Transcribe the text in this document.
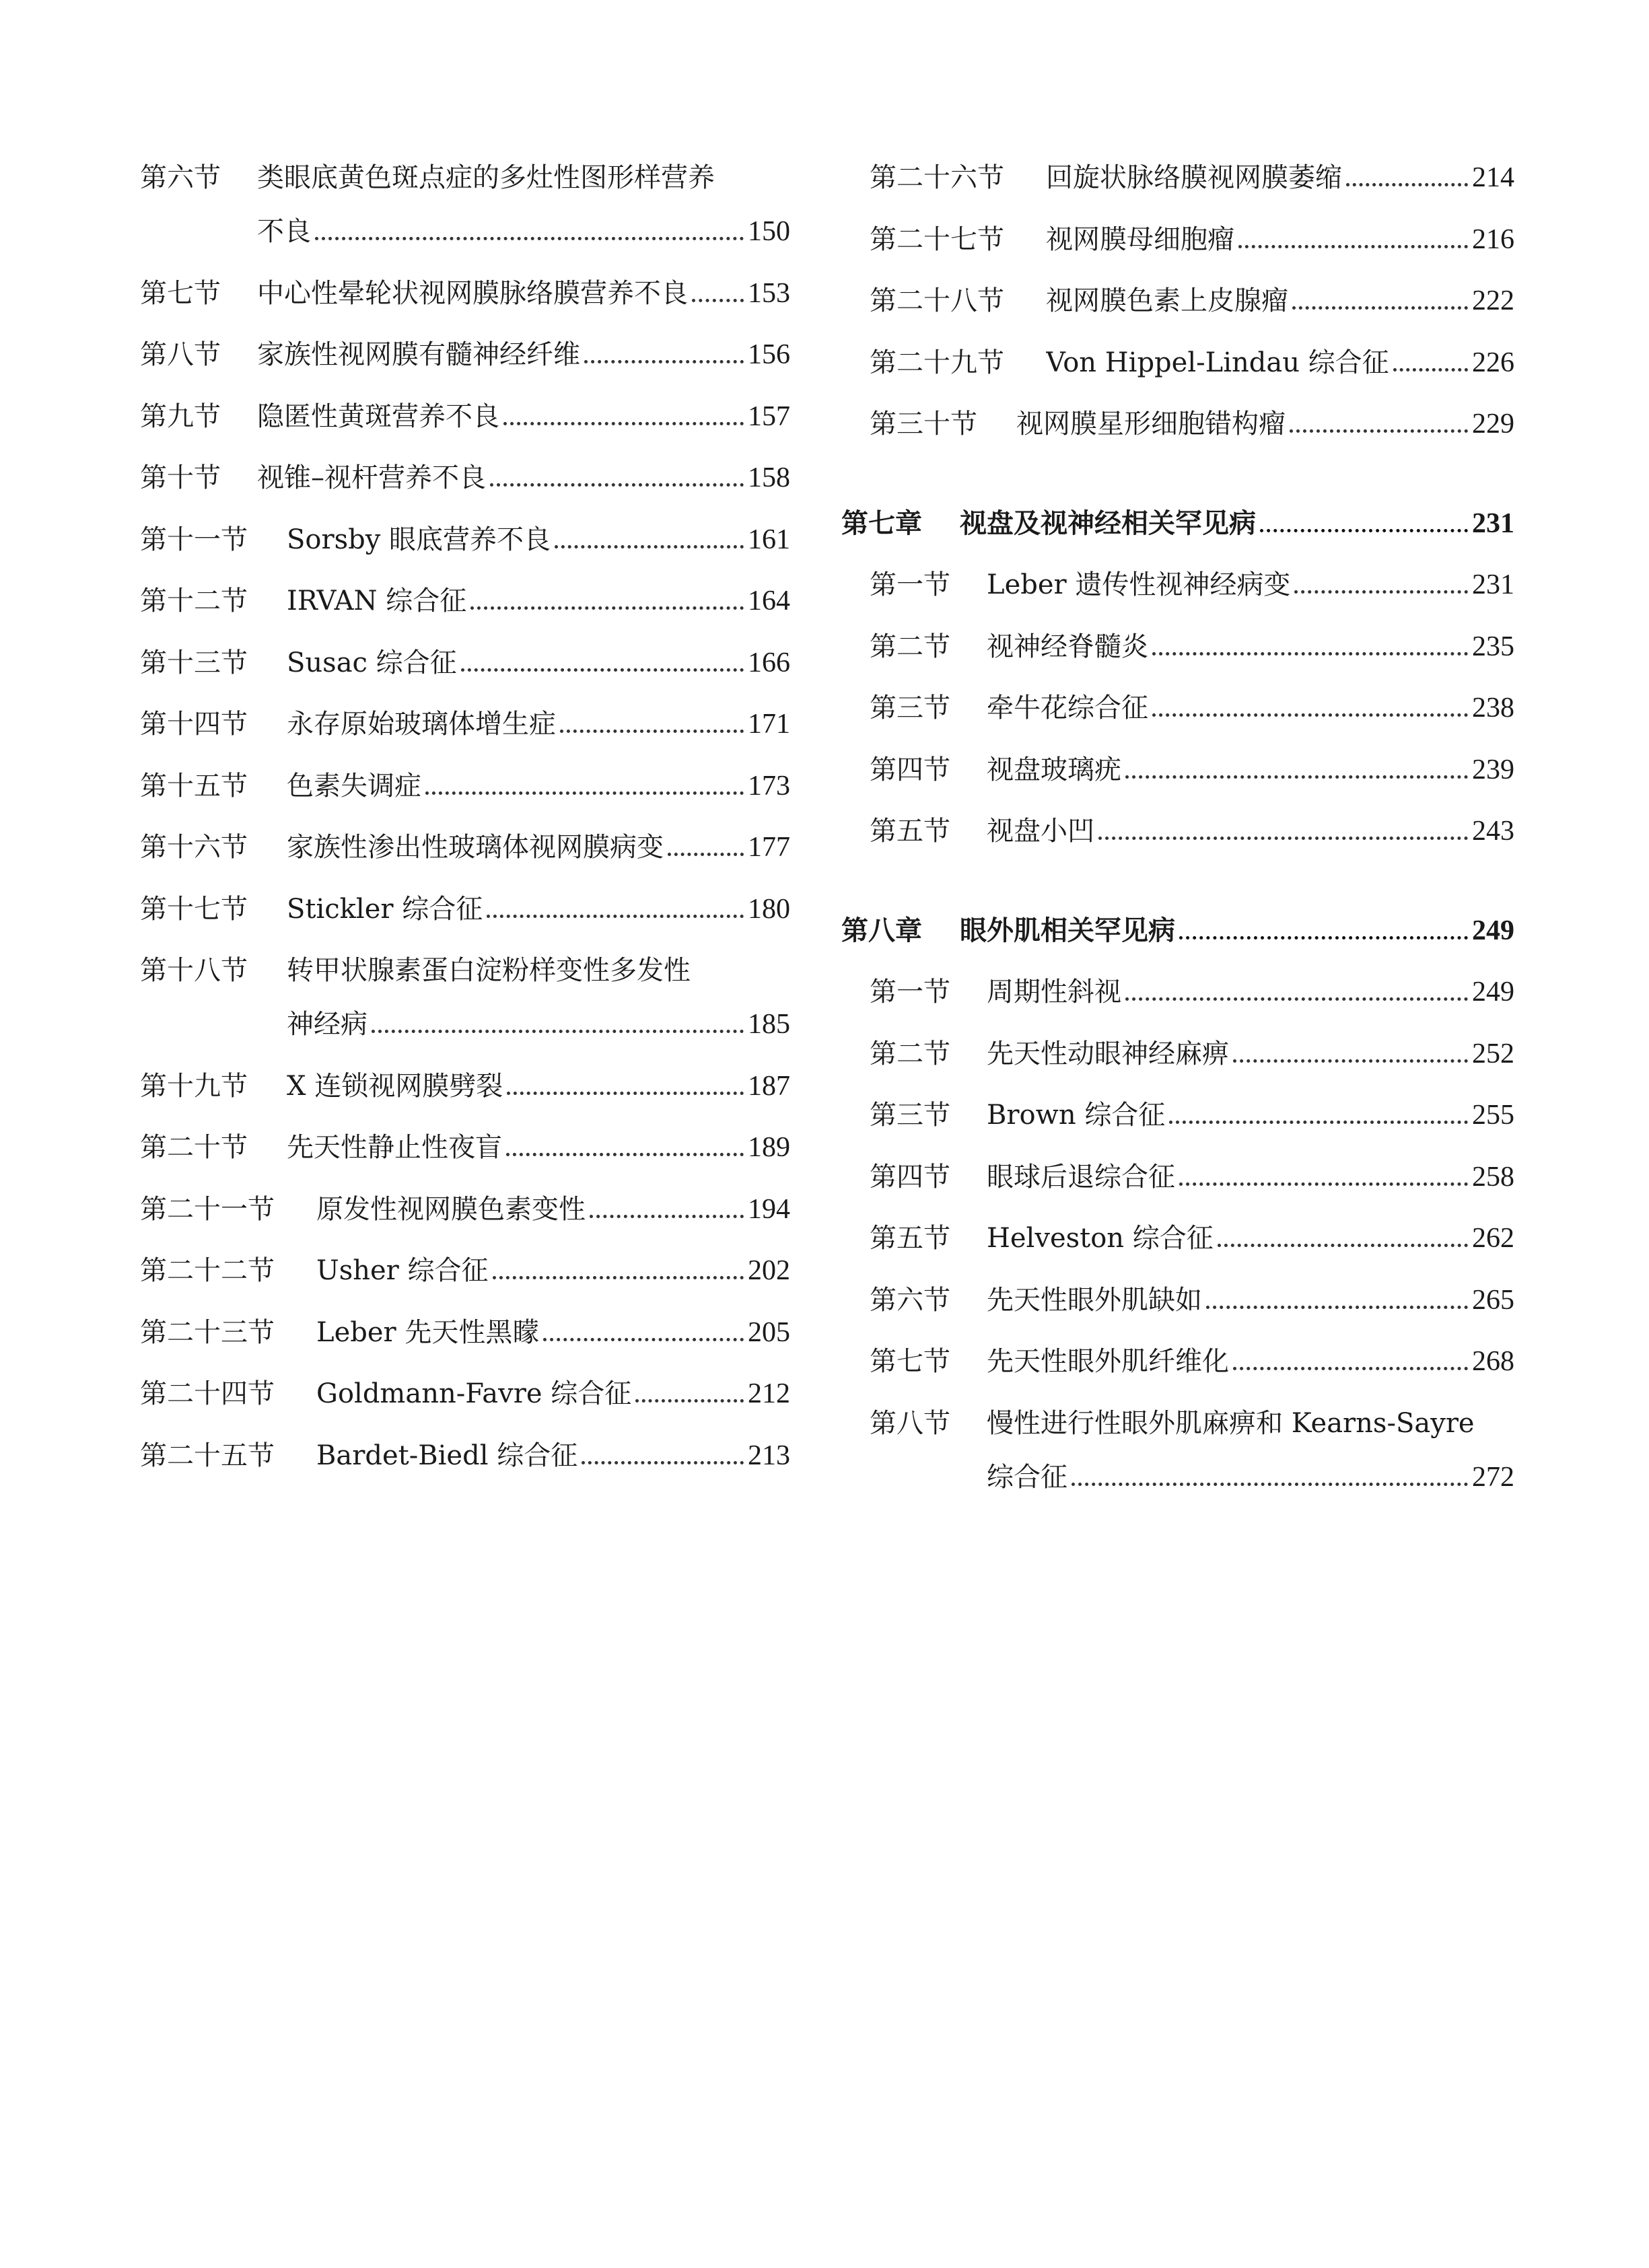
第六节	类眼底黄色斑点症的多灶性图形样营养
不良	150
第七节	中心性晕轮状视网膜脉络膜营养不良 153
第八节	家族性视网膜有髓神经纤维	156
第九节	隐匿性黄斑营养不良	157
第十节	视锥–视杆营养不良	158
第十一节	Sorsby 眼底营养不良	161
第十二节	IRVAN 综合征	164
第十三节	Susac 综合征	166
第十四节	永存原始玻璃体增生症	171
第十五节	色素失调症	173
第十六节	家族性渗出性玻璃体视网膜病变	177
第十七节	Stickler 综合征	180
第十八节	转甲状腺素蛋白淀粉样变性多发性
神经病	185
第十九节	X 连锁视网膜劈裂	187
第二十节	先天性静止性夜盲	189
第二十一节	原发性视网膜色素变性	194
第二十二节	Usher 综合征	202
第二十三节	Leber 先天性黑矇	205
第二十四节	Goldmann-Favre 综合征	212
第二十五节	Bardet-Biedl 综合征	213
第二十六节	回旋状脉络膜视网膜萎缩	214
第二十七节	视网膜母细胞瘤	216
第二十八节	视网膜色素上皮腺瘤	222
第二十九节	Von Hippel-Lindau 综合征	226
第三十节	视网膜星形细胞错构瘤	229
第七章	视盘及视神经相关罕见病	231
第一节	Leber 遗传性视神经病变	231
第二节	视神经脊髓炎	235
第三节	牵牛花综合征	238
第四节	视盘玻璃疣	239
第五节	视盘小凹	243
第八章	眼外肌相关罕见病	249
第一节	周期性斜视	249
第二节	先天性动眼神经麻痹	252
第三节	Brown 综合征	255
第四节	眼球后退综合征	258
第五节	Helveston 综合征	262
第六节	先天性眼外肌缺如	265
第七节	先天性眼外肌纤维化	268
第八节	慢性进行性眼外肌麻痹和 Kearns-Sayre
综合征	272
